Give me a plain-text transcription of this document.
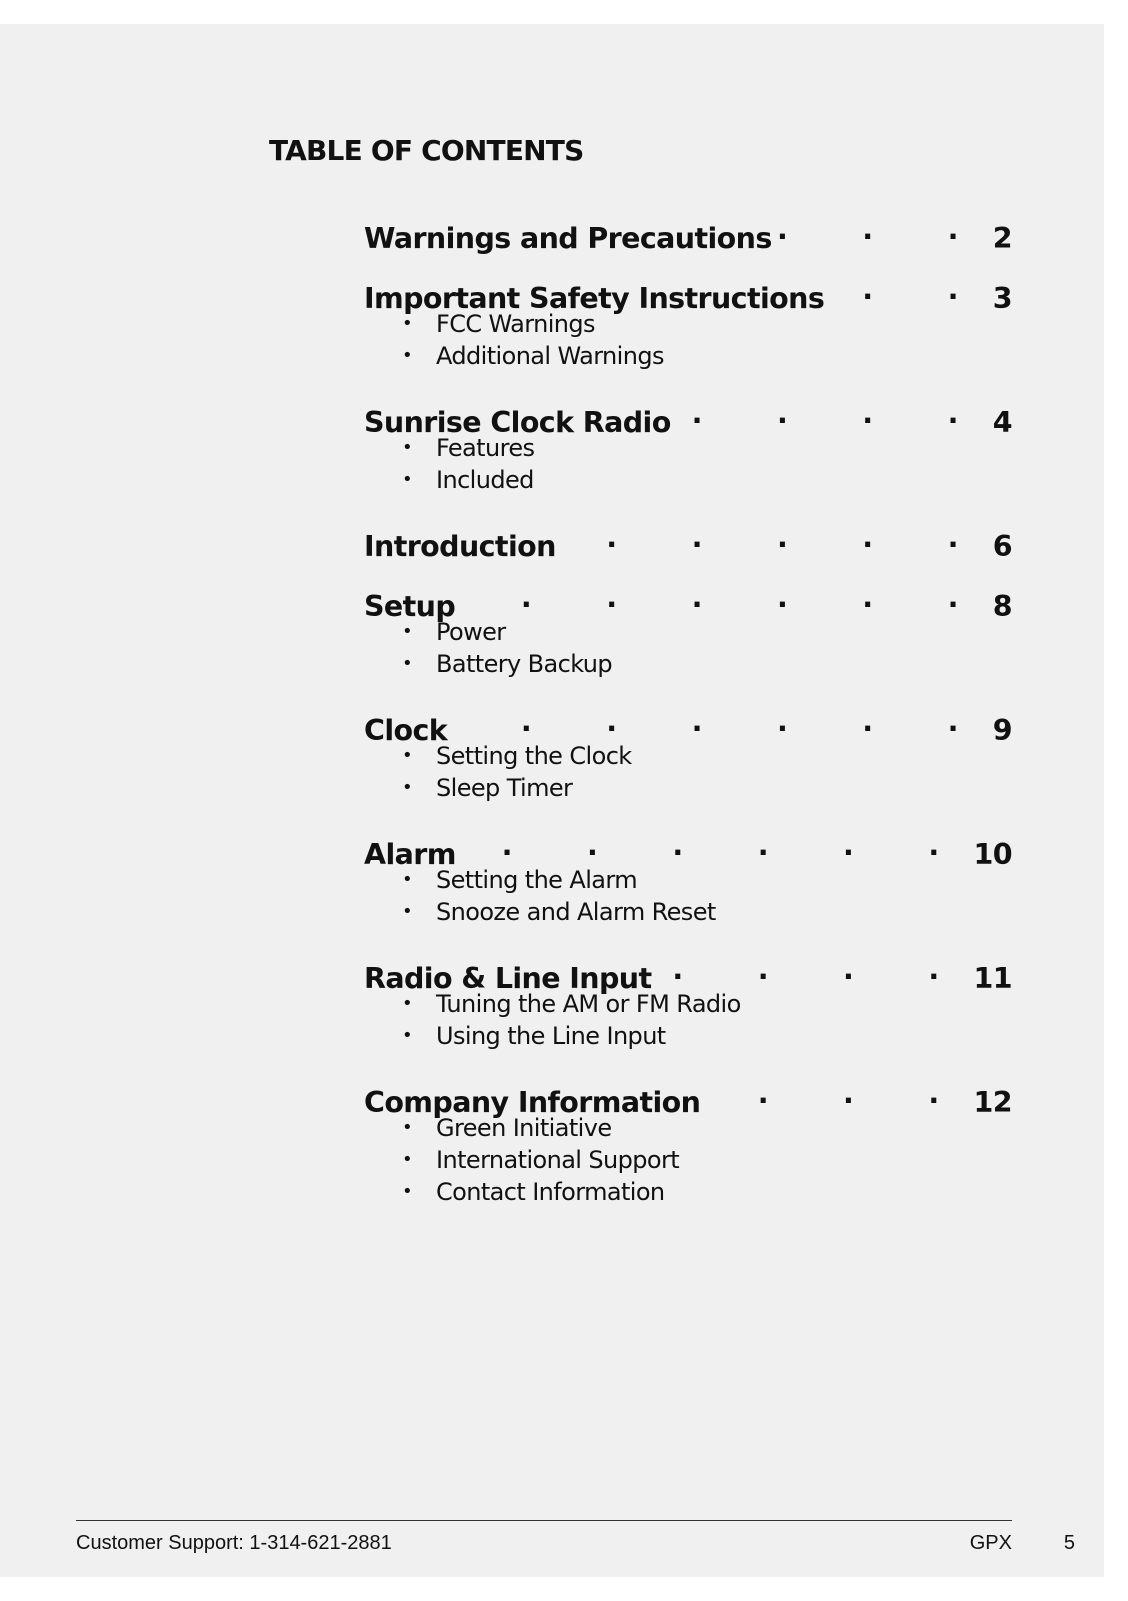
TABLE OF CONTENTS
Warnings and Precautions . . .	2
Important Safety Instructions . . .	3
• FCC Warnings
• Additional Warnings
Sunrise Clock Radio . . .	4
• Features
• Included
Introduction . . .	6
Setup . . .	8
• Power
• Battery Backup
Clock . . .	9
• Setting the Clock
• Sleep Timer
Alarm . . .	10
• Setting the Alarm
• Snooze and Alarm Reset
Radio & Line Input . . .	11
• Tuning the AM or FM Radio
• Using the Line Input
Company Information . . .	12
• Green Initiative
• International Support
• Contact Information
Customer Support: 1-314-621-2881	GPX	5
